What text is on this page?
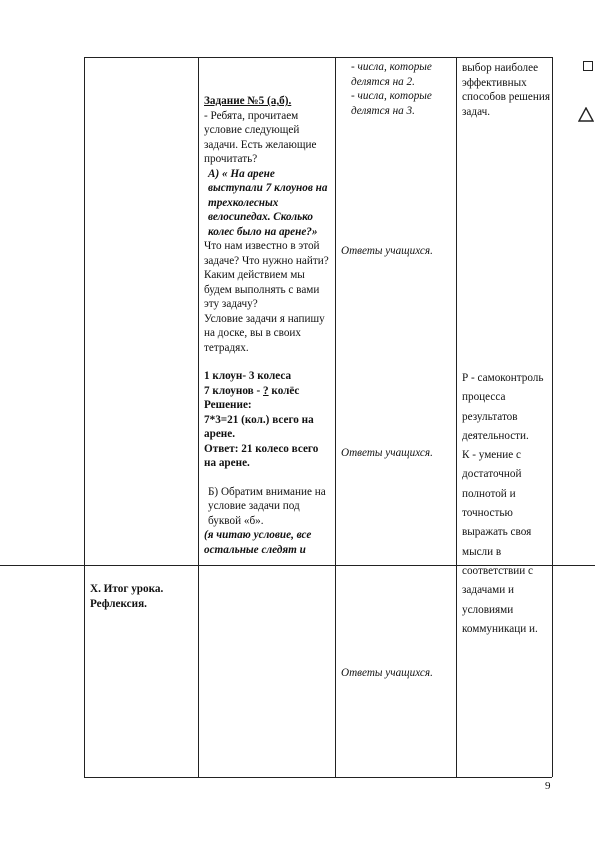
X. Итог урока. Рефлексия.

Задание №5 (а,б).

- Ребята, прочитаем условие следующей задачи. Есть желающие прочитать?

А) « На арене выступали 7 клоунов на трехколесных велосипедах. Сколько колес было на арене?»

Что нам известно в этой задаче? Что нужно найти? Каким действием мы будем выполнять с вами эту задачу?

Условие задачи я напишу на доске, вы в своих тетрадях.

1 клоун- 3 колеса

7 клоунов - ? колёс

Решение:

7*3=21 (кол.) всего на арене.

Ответ: 21 колесо всего на арене.

Б) Обратим внимание на условие задачи под буквой «б».

(я читаю условие, все остальные следят и

- числа, которые делятся на 2.

- числа, которые делятся на 3.

Ответы учащихся.

Ответы учащихся.

Ответы учащихся.

выбор наиболее эффективных способов решения задач.

Р - самоконтроль процесса результатов деятельности.

К - умение с достаточной полнотой и точностью выражать своя мысли в соответствии с задачами и условиями коммуникаци и.

9
